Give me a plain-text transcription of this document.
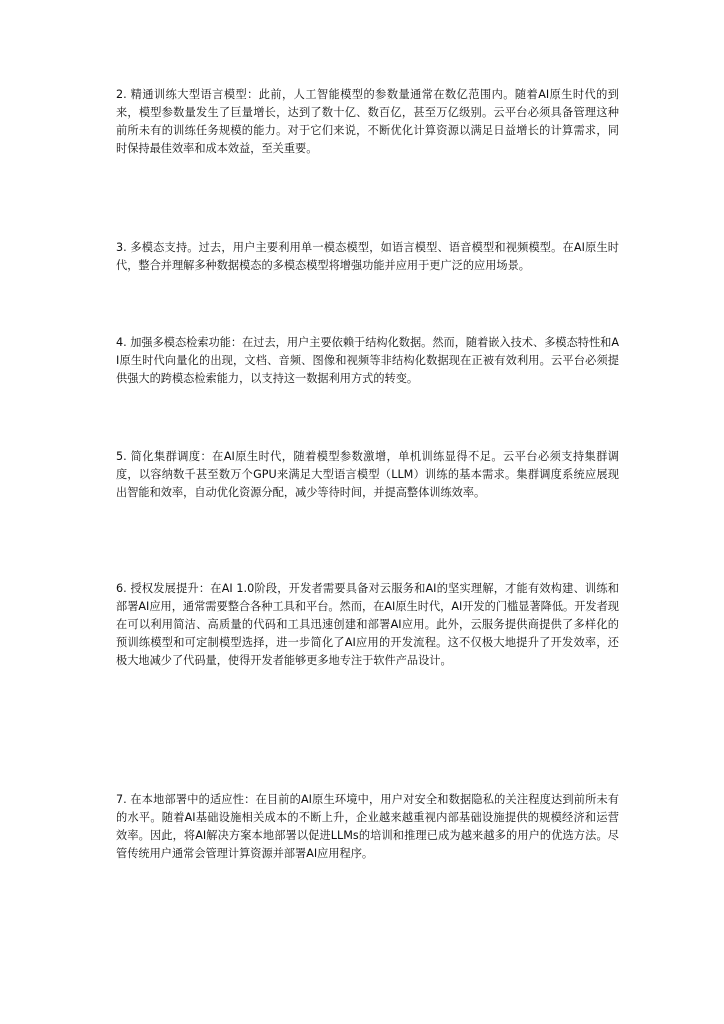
2. 精通训练大型语言模型：此前，人工智能模型的参数量通常在数亿范围内。随着AI原生时代的到来，模型参数量发生了巨量增长，达到了数十亿、数百亿，甚至万亿级别。云平台必须具备管理这种前所未有的训练任务规模的能力。对于它们来说，不断优化计算资源以满足日益增长的计算需求，同时保持最佳效率和成本效益，至关重要。

3. 多模态支持。过去，用户主要利用单一模态模型，如语言模型、语音模型和视频模型。在AI原生时代，整合并理解多种数据模态的多模态模型将增强功能并应用于更广泛的应用场景。

4. 加强多模态检索功能：在过去，用户主要依赖于结构化数据。然而，随着嵌入技术、多模态特性和AI原生时代向量化的出现，文档、音频、图像和视频等非结构化数据现在正被有效利用。云平台必须提供强大的跨模态检索能力，以支持这一数据利用方式的转变。

5. 简化集群调度：在AI原生时代，随着模型参数激增，单机训练显得不足。云平台必须支持集群调度，以容纳数千甚至数万个GPU来满足大型语言模型（LLM）训练的基本需求。集群调度系统应展现出智能和效率，自动优化资源分配，减少等待时间，并提高整体训练效率。

6. 授权发展提升：在AI 1.0阶段，开发者需要具备对云服务和AI的坚实理解，才能有效构建、训练和部署AI应用，通常需要整合各种工具和平台。然而，在AI原生时代，AI开发的门槛显著降低。开发者现在可以利用简洁、高质量的代码和工具迅速创建和部署AI应用。此外，云服务提供商提供了多样化的预训练模型和可定制模型选择，进一步简化了AI应用的开发流程。这不仅极大地提升了开发效率，还极大地减少了代码量，使得开发者能够更多地专注于软件产品设计。

7. 在本地部署中的适应性：在目前的AI原生环境中，用户对安全和数据隐私的关注程度达到前所未有的水平。随着AI基础设施相关成本的不断上升，企业越来越重视内部基础设施提供的规模经济和运营效率。因此，将AI解决方案本地部署以促进LLMs的培训和推理已成为越来越多的用户的优选方法。尽管传统用户通常会管理计算资源并部署AI应用程序。
